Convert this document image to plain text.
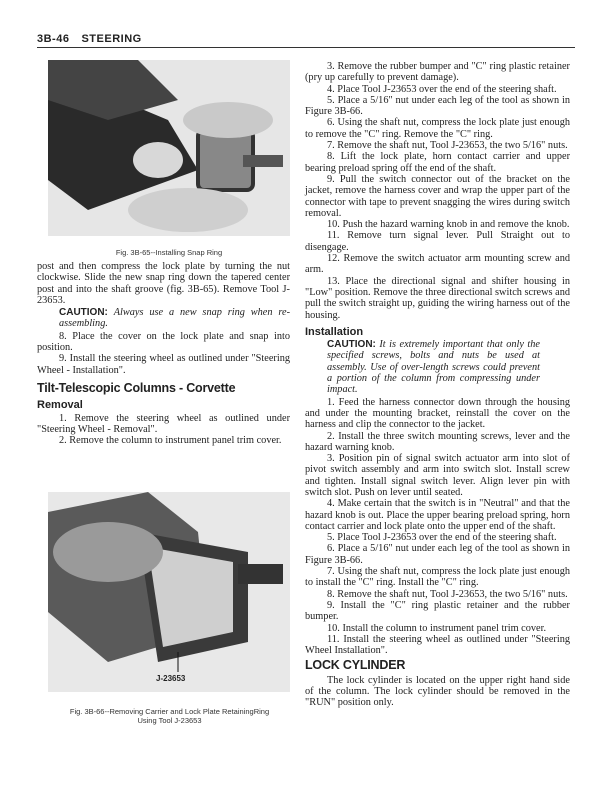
3B-46 STEERING
Fig. 3B-65--Installing Snap Ring

post and then compress the lock plate by turning the nut clockwise. Slide the new snap ring down the tapered center post and into the shaft groove (fig. 3B-65). Remove Tool J-23653.

CAUTION: Always use a new snap ring when re-assembling.

8. Place the cover on the lock plate and snap into position.

9. Install the steering wheel as outlined under "Steering Wheel - Installation".

Tilt-Telescopic Columns - Corvette
Removal

1. Remove the steering wheel as outlined under "Steering Wheel - Removal".

2. Remove the column to instrument panel trim cover.

J-23653
Fig. 3B-66--Removing Carrier and Lock Plate RetainingRing
Using Tool J-23653

3. Remove the rubber bumper and "C" ring plastic retainer (pry up carefully to prevent damage).

4. Place Tool J-23653 over the end of the steering shaft.

5. Place a 5/16" nut under each leg of the tool as shown in Figure 3B-66.

6. Using the shaft nut, compress the lock plate just enough to remove the "C" ring. Remove the "C" ring.

7. Remove the shaft nut, Tool J-23653, the two 5/16" nuts.

8. Lift the lock plate, horn contact carrier and upper bearing preload spring off the end of the shaft.

9. Pull the switch connector out of the bracket on the jacket, remove the harness cover and wrap the upper part of the connector with tape to prevent snagging the wires during switch removal.

10. Push the hazard warning knob in and remove the knob.

11. Remove turn signal lever. Pull Straight out to disengage.

12. Remove the switch actuator arm mounting screw and arm.

13. Place the directional signal and shifter housing in "Low" position. Remove the three directional switch screws and pull the switch straight up, guiding the wiring harness out of the housing.

Installation

CAUTION: It is extremely important that only the specified screws, bolts and nuts be used at assembly. Use of over-length screws could prevent a portion of the column from compressing under impact.

1. Feed the harness connector down through the housing and under the mounting bracket, reinstall the cover on the harness and clip the connector to the jacket.

2. Install the three switch mounting screws, lever and the hazard warning knob.

3. Position pin of signal switch actuator arm into slot of pivot switch assembly and arm into switch slot. Install screw and tighten. Install signal switch lever. Align lever pin with switch slot. Push on lever until seated.

4. Make certain that the switch is in "Neutral" and that the hazard knob is out. Place the upper bearing preload spring, horn contact carrier and lock plate onto the upper end of the shaft.

5. Place Tool J-23653 over the end of the steering shaft.

6. Place a 5/16" nut under each leg of the tool as shown in Figure 3B-66.

7. Using the shaft nut, compress the lock plate just enough to install the "C" ring. Install the "C" ring.

8. Remove the shaft nut, Tool J-23653, the two 5/16" nuts.

9. Install the "C" ring plastic retainer and the rubber bumper.

10. Install the column to instrument panel trim cover.

11. Install the steering wheel as outlined under "Steering Wheel Installation".

LOCK CYLINDER

The lock cylinder is located on the upper right hand side of the column. The lock cylinder should be removed in the "RUN" position only.
